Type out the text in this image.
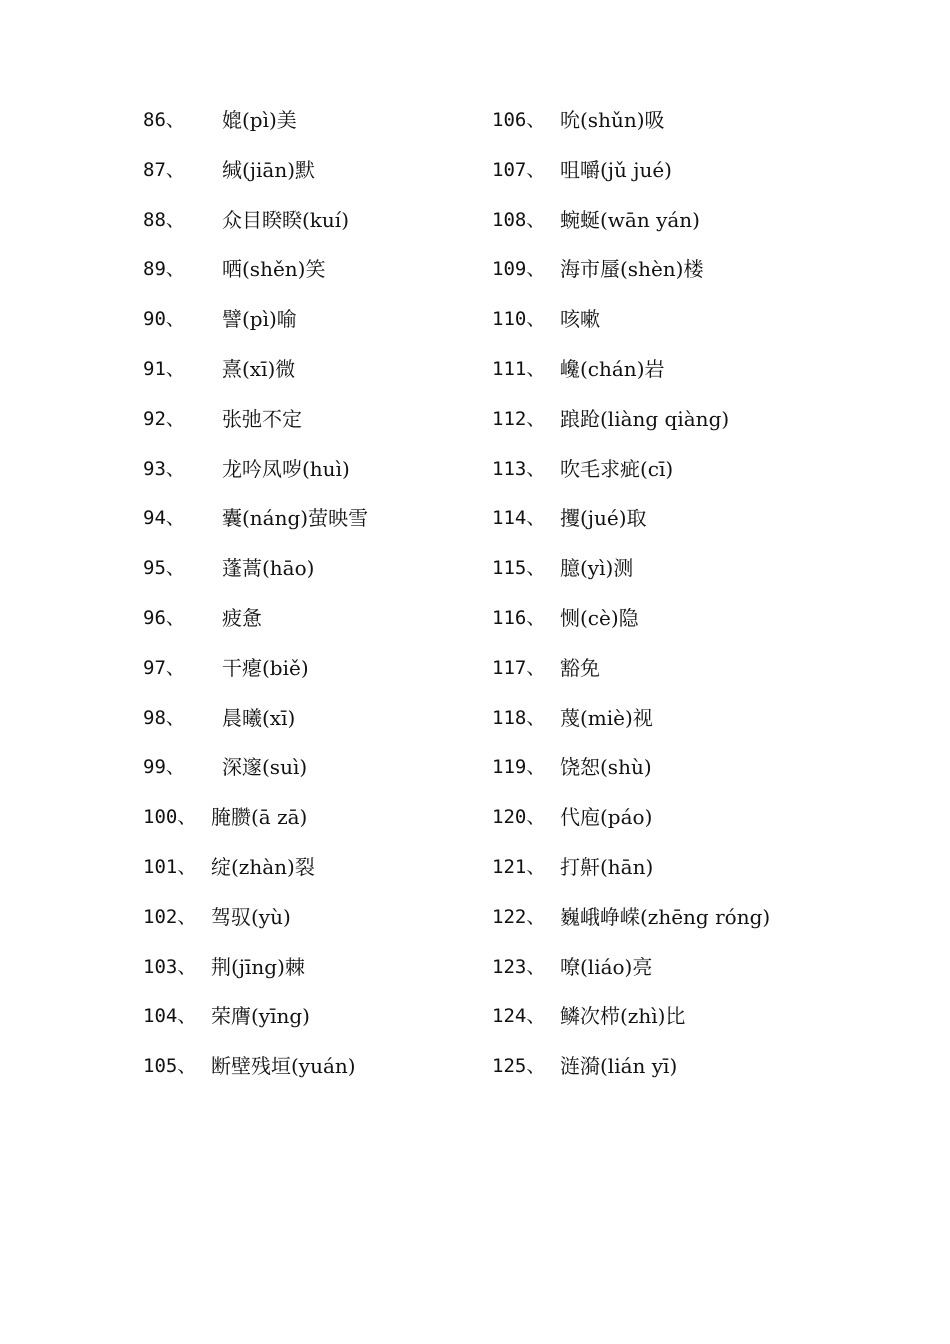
86、	媲(pì)美
87、	缄(jiān)默
88、	众目睽睽(kuí)
89、	哂(shěn)笑
90、	譬(pì)喻
91、	熹(xī)微
92、	张弛不定
93、	龙吟凤哕(huì)
94、	囊(náng)萤映雪
95、	蓬蒿(hāo)
96、	疲惫
97、	干瘪(biě)
98、	晨曦(xī)
99、	深邃(suì)
100、 腌臜(ā zā)
101、 绽(zhàn)裂
102、 驾驭(yù)
103、 荆(jīng)棘
104、 荣膺(yīng)
105、 断壁残垣(yuán)
106、 吮(shǔn)吸
107、 咀嚼(jǔ jué)
108、 蜿蜒(wān yán)
109、 海市蜃(shèn)楼
110、 咳嗽
111、 巉(chán)岩
112、 踉跄(liàng qiàng)
113、 吹毛求疵(cī)
114、 攫(jué)取
115、 臆(yì)测
116、 恻(cè)隐
117、 豁免
118、 蔑(miè)视
119、 饶恕(shù)
120、 代庖(páo)
121、 打鼾(hān)
122、 巍峨峥嵘(zhēng róng)
123、 嘹(liáo)亮
124、 鳞次栉(zhì)比
125、 涟漪(lián yī)
